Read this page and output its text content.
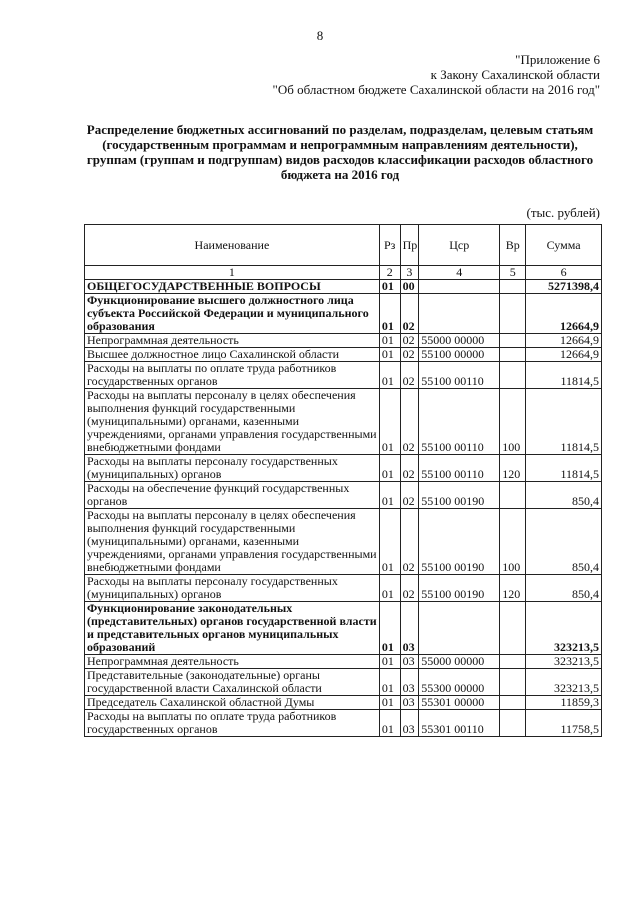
8
"Приложение 6
к Закону Сахалинской области
"Об областном бюджете Сахалинской области на 2016 год"
Распределение бюджетных ассигнований по разделам, подразделам, целевым статьям (государственным программам и непрограммным направлениям деятельности), группам (группам и подгруппам) видов расходов классификации расходов областного бюджета на 2016 год
(тыс. рублей)
Наименование	Рз	Пр	Цср	Вр	Сумма
1	2	3	4	5	6
ОБЩЕГОСУДАРСТВЕННЫЕ ВОПРОСЫ	01	00			5271398,4
Функционирование высшего должностного лица субъекта Российской Федерации и муниципального образования	01	02			12664,9
Непрограммная деятельность	01	02	55000 00000		12664,9
Высшее должностное лицо Сахалинской области	01	02	55100 00000		12664,9
Расходы на выплаты по оплате труда работников государственных органов	01	02	55100 00110		11814,5
Расходы на выплаты персоналу в целях обеспечения выполнения функций государственными (муниципальными) органами, казенными учреждениями, органами управления государственными внебюджетными фондами	01	02	55100 00110	100	11814,5
Расходы на выплаты персоналу государственных (муниципальных) органов	01	02	55100 00110	120	11814,5
Расходы на обеспечение функций государственных органов	01	02	55100 00190		850,4
Расходы на выплаты персоналу в целях обеспечения выполнения функций государственными (муниципальными) органами, казенными учреждениями, органами управления государственными внебюджетными фондами	01	02	55100 00190	100	850,4
Расходы на выплаты персоналу государственных (муниципальных) органов	01	02	55100 00190	120	850,4
Функционирование законодательных (представительных) органов государственной власти и представительных органов муниципальных образований	01	03			323213,5
Непрограммная деятельность	01	03	55000 00000		323213,5
Представительные (законодательные) органы государственной власти Сахалинской области	01	03	55300 00000		323213,5
Председатель Сахалинской областной Думы	01	03	55301 00000		11859,3
Расходы на выплаты по оплате труда работников государственных органов	01	03	55301 00110		11758,5
